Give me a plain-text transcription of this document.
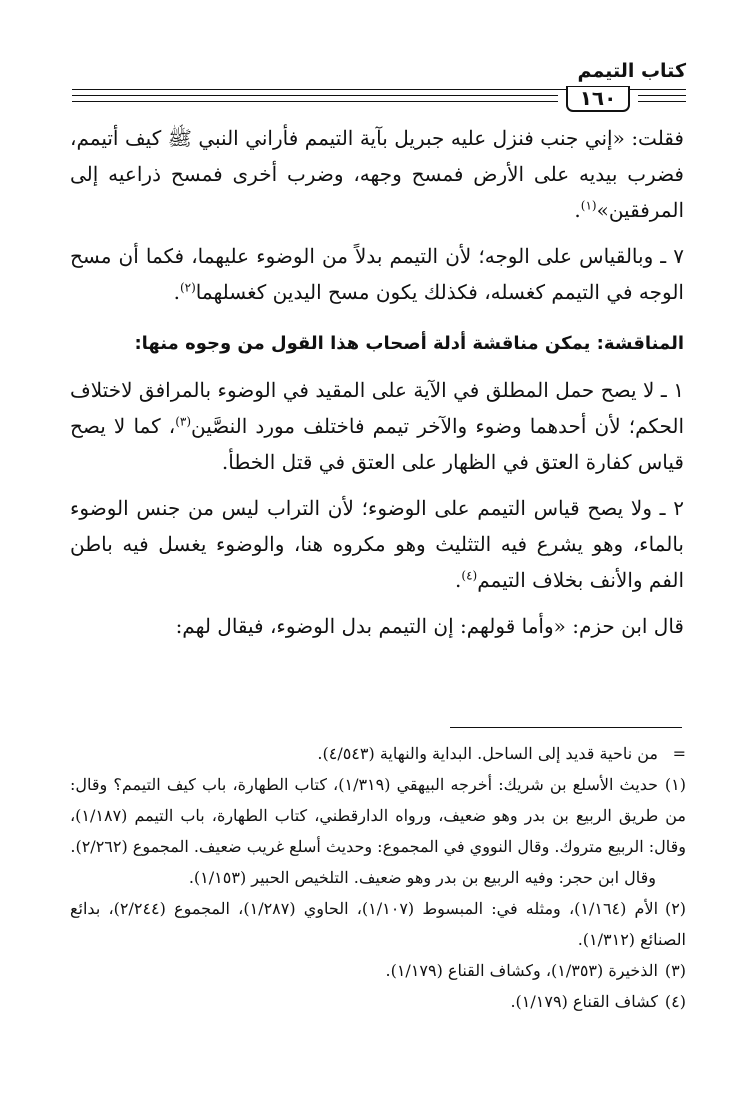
كتاب التيمم
١٦٠

فقلت: «إني جنب فنزل عليه جبريل بآية التيمم فأراني النبي ﷺ كيف أتيمم، فضرب بيديه على الأرض فمسح وجهه، وضرب أخرى فمسح ذراعيه إلى المرفقين»$^{(١)}$.

٧ ـ وبالقياس على الوجه؛ لأن التيمم بدلاً من الوضوء عليهما، فكما أن مسح الوجه في التيمم كغسله، فكذلك يكون مسح اليدين كغسلهما$^{(٢)}$.

المناقشة: يمكن مناقشة أدلة أصحاب هذا القول من وجوه منها:

١ ـ لا يصح حمل المطلق في الآية على المقيد في الوضوء بالمرافق لاختلاف الحكم؛ لأن أحدهما وضوء والآخر تيمم فاختلف مورد النصَّين$^{(٣)}$، كما لا يصح قياس كفارة العتق في الظهار على العتق في قتل الخطأ.

٢ ـ ولا يصح قياس التيمم على الوضوء؛ لأن التراب ليس من جنس الوضوء بالماء، وهو يشرع فيه التثليث وهو مكروه هنا، والوضوء يغسل فيه باطن الفم والأنف بخلاف التيمم$^{(٤)}$.

قال ابن حزم: «وأما قولهم: إن التيمم بدل الوضوء، فيقال لهم:

=من ناحية قديد إلى الساحل. البداية والنهاية (٤/٥٤٣).

(١)حديث الأسلع بن شريك: أخرجه البيهقي (١/٣١٩)، كتاب الطهارة، باب كيف التيمم؟ وقال: من طريق الربيع بن بدر وهو ضعيف، ورواه الدارقطني، كتاب الطهارة، باب التيمم (١/١٨٧)، وقال: الربيع متروك. وقال النووي في المجموع: وحديث أسلع غريب ضعيف. المجموع (٢/٢٦٢).

وقال ابن حجر: وفيه الربيع بن بدر وهو ضعيف. التلخيص الحبير (١/١٥٣).

(٢)الأم (١/١٦٤)، ومثله في: المبسوط (١/١٠٧)، الحاوي (١/٢٨٧)، المجموع (٢/٢٤٤)، بدائع الصنائع (١/٣١٢).

(٣)الذخيرة (١/٣٥٣)، وكشاف القناع (١/١٧٩).

(٤)كشاف القناع (١/١٧٩).
